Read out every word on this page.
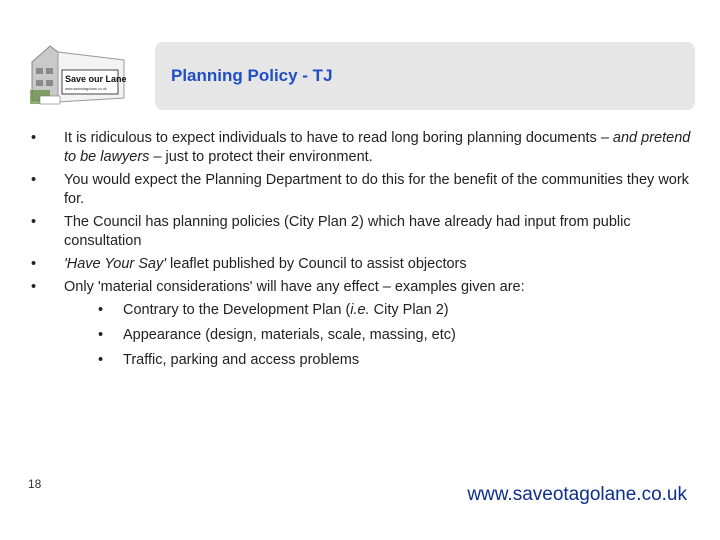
Save our Lane
www.saveotagolane.co.uk
Planning Policy - TJ
• It is ridiculous to expect individuals to have to read long boring planning documents – and pretend to be lawyers – just to protect their environment.
• You would expect the Planning Department to do this for the benefit of the communities they work for.
• The Council has planning policies (City Plan 2) which have already had input from public consultation
• 'Have Your Say' leaflet published by Council to assist objectors
• Only 'material considerations' will have any effect – examples given are:
• Contrary to the Development Plan (i.e. City Plan 2)
• Appearance (design, materials, scale, massing, etc)
• Traffic, parking and access problems
18	www.saveotagolane.co.uk
